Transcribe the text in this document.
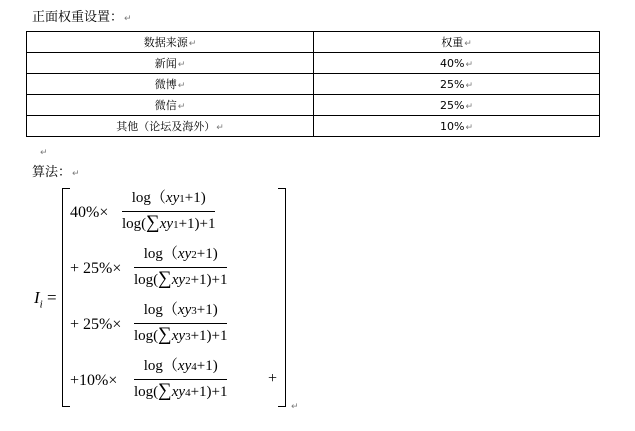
正面权重设置：↵
数据来源↵	权重↵
新闻↵	40%↵
微博↵	25%↵
微信↵	25%↵
其他（论坛及海外）↵	10%↵
↵
算法：↵
$I_i$ =
40%×
log（xy1+1)
log(∑xy1+1)+1
+ 25%×
log（xy2+1)
log(∑xy2+1)+1
+ 25%×
log（xy3+1)
log(∑xy3+1)+1
+10%×
log（xy4+1)
log(∑xy4+1)+1
+
↵
